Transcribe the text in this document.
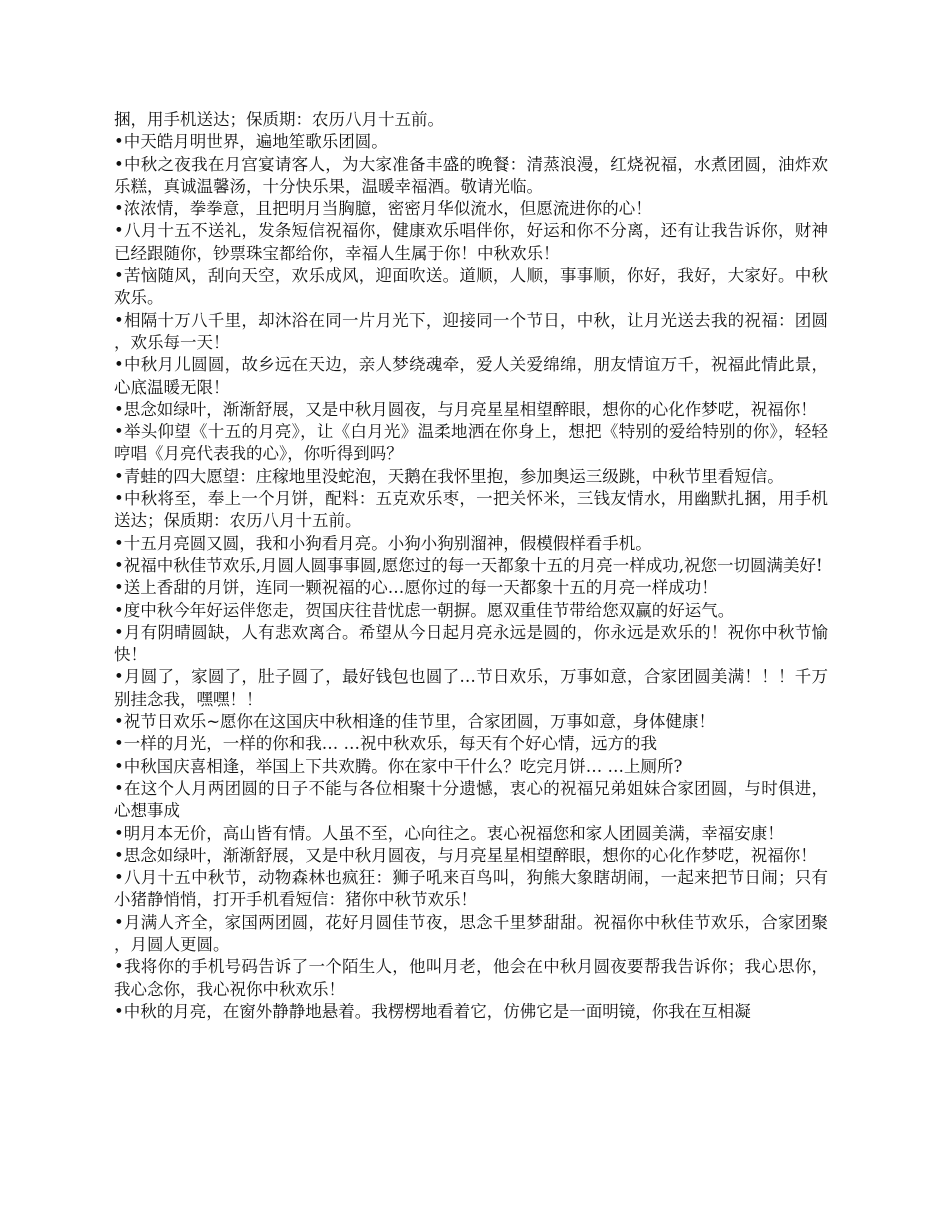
捆，用手机送达；保质期：农历八月十五前。

•中天皓月明世界，遍地笙歌乐团圆。

•中秋之夜我在月宫宴请客人，为大家准备丰盛的晚餐：清蒸浪漫，红烧祝福，水煮团圆，油炸欢乐糕，真诚温馨汤，十分快乐果，温暖幸福酒。敬请光临。

•浓浓情，拳拳意，且把明月当胸臆，密密月华似流水，但愿流进你的心！

•八月十五不送礼，发条短信祝福你，健康欢乐唱伴你，好运和你不分离，还有让我告诉你，财神已经跟随你，钞票珠宝都给你，幸福人生属于你！中秋欢乐！

•苦恼随风，刮向天空，欢乐成风，迎面吹送。道顺，人顺，事事顺，你好，我好，大家好。中秋欢乐。

•相隔十万八千里，却沐浴在同一片月光下，迎接同一个节日，中秋，让月光送去我的祝福：团圆，欢乐每一天！

•中秋月儿圆圆，故乡远在天边，亲人梦绕魂牵，爱人关爱绵绵，朋友情谊万千，祝福此情此景，心底温暖无限！

•思念如绿叶，渐渐舒展，又是中秋月圆夜，与月亮星星相望醉眼，想你的心化作梦呓，祝福你！

•举头仰望《十五的月亮》，让《白月光》温柔地洒在你身上，想把《特别的爱给特别的你》，轻轻哼唱《月亮代表我的心》，你听得到吗？

•青蛙的四大愿望：庄稼地里没蛇泡，天鹅在我怀里抱，参加奥运三级跳，中秋节里看短信。

•中秋将至，奉上一个月饼，配料：五克欢乐枣，一把关怀米，三钱友情水，用幽默扎捆，用手机送达；保质期：农历八月十五前。

•十五月亮圆又圆，我和小狗看月亮。小狗小狗别溜神，假模假样看手机。

•祝福中秋佳节欢乐,月圆人圆事事圆,愿您过的每一天都象十五的月亮一样成功,祝您一切圆满美好!

•送上香甜的月饼，连同一颗祝福的心…愿你过的每一天都象十五的月亮一样成功！

•度中秋今年好运伴您走，贺国庆往昔忧虑一朝摒。愿双重佳节带给您双赢的好运气。

•月有阴晴圆缺，人有悲欢离合。希望从今日起月亮永远是圆的，你永远是欢乐的！祝你中秋节愉快！

•月圆了，家圆了，肚子圆了，最好钱包也圆了…节日欢乐，万事如意，合家团圆美满！！！千万别挂念我，嘿嘿！！

•祝节日欢乐~愿你在这国庆中秋相逢的佳节里，合家团圆，万事如意，身体健康！

•一样的月光，一样的你和我… …祝中秋欢乐，每天有个好心情，远方的我

•中秋国庆喜相逢，举国上下共欢腾。你在家中干什么？吃完月饼… …上厕所?

•在这个人月两团圆的日子不能与各位相聚十分遗憾，衷心的祝福兄弟姐妹合家团圆，与时俱进，心想事成

•明月本无价，高山皆有情。人虽不至，心向往之。衷心祝福您和家人团圆美满，幸福安康！

•思念如绿叶，渐渐舒展，又是中秋月圆夜，与月亮星星相望醉眼，想你的心化作梦呓，祝福你！

•八月十五中秋节，动物森林也疯狂：狮子吼来百鸟叫，狗熊大象瞎胡闹，一起来把节日闹；只有小猪静悄悄，打开手机看短信：猪你中秋节欢乐！

•月满人齐全，家国两团圆，花好月圆佳节夜，思念千里梦甜甜。祝福你中秋佳节欢乐，合家团聚，月圆人更圆。

•我将你的手机号码告诉了一个陌生人，他叫月老，他会在中秋月圆夜要帮我告诉你；我心思你，我心念你，我心祝你中秋欢乐！

•中秋的月亮，在窗外静静地悬着。我楞楞地看着它，仿佛它是一面明镜，你我在互相凝
